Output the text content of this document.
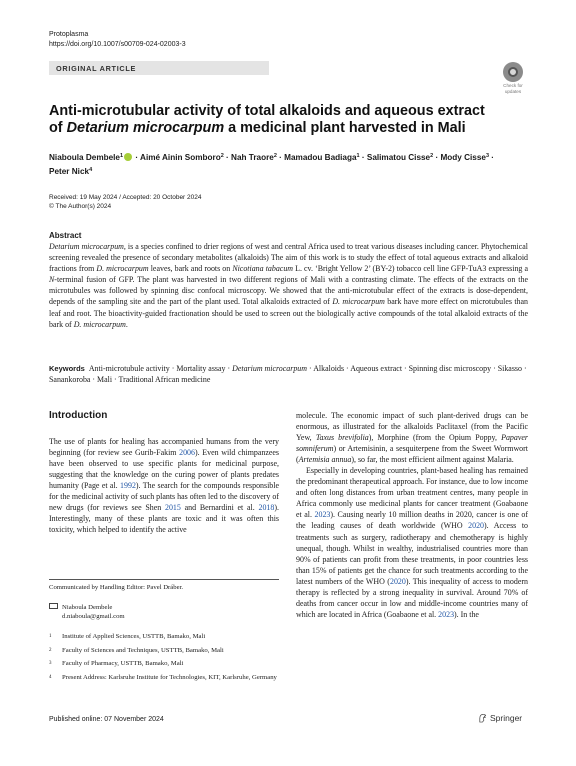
Protoplasma
https://doi.org/10.1007/s00709-024-02003-3
ORIGINAL ARTICLE
Check for
updates
Anti-microtubular activity of total alkaloids and aqueous extract
of Detarium microcarpum a medicinal plant harvested in Mali
Niaboula Dembele$^1$ · Aimé Ainin Somboro$^2$ · Nah Traore$^2$ · Mamadou Badiaga$^1$ · Salimatou Cisse$^2$ · Mody Cisse$^3$ ·
Peter Nick$^4$
Received: 19 May 2024 / Accepted: 20 October 2024
© The Author(s) 2024
Abstract
Detarium microcarpum, is a species confined to drier regions of west and central Africa used to treat various diseases including cancer. Phytochemical screening revealed the presence of secondary metabolites (alkaloids) The aim of this work is to study the effect of total aqueous extracts and alkaloid fractions from D. microcarpum leaves, bark and roots on Nicotiana tabacum L. cv. ‘Bright Yellow 2’ (BY-2) tobacco cell line GFP-TuA3 expressing a N-terminal fusion of GFP. The plant was harvested in two different regions of Mali with a contrasting climate. The effects of the extracts on the microtubules was followed by spinning disc confocal microscopy. We showed that the anti-microtubular effect of the extracts is dose-dependent, depends of the sampling site and the part of the plant used. Total alkaloids extracted of D. microcarpum bark have more effect on microtubules than leaf and root. The bioactivity-guided fractionation should be used to screen out the biologically active compounds of the total alkaloid extracts of the bark of D. microcarpum.
Keywords Anti-microtubule activity · Mortality assay · Detarium microcarpum · Alkaloids · Aqueous extract · Spinning disc microscopy · Sikasso · Sanankoroba · Mali · Traditional African medicine
Introduction

The use of plants for healing has accompanied humans from the very beginning (for review see Gurib-Fakim 2006). Even wild chimpanzees have been observed to use specific plants for medicinal purpose, suggesting that the knowledge on the curing power of plants predates humanity (Page et al. 1992). The search for the compounds responsible for the medicinal activity of such plants has often led to the discovery of new drugs (for reviews see Shen 2015 and Bernardini et al. 2018). Interestingly, many of these plants are toxic and it was often this toxicity, which helped to identify the active

molecule. The economic impact of such plant-derived drugs can be enormous, as illustrated for the alkaloids Paclitaxel (from the Pacific Yew, Taxus brevifolia), Morphine (from the Opium Poppy, Papaver somniferum) or Artemisinin, a sesquiterpene from the Sweet Wormwort (Artemisia annua), so far, the most efficient ailment against Malaria.

Especially in developing countries, plant-based healing has remained the predominant therapeutical approach. For instance, due to low income and often long distances from urban treatment centres, many people in Africa commonly use medicinal plants for cancer treatment (Goabaone et al. 2023). Causing nearly 10 million deaths in 2020, cancer is one of the leading causes of death worldwide (WHO 2020). Access to treatments such as surgery, radiotherapy and chemotherapy is highly unequal, though. Whilst in wealthy, industrialised countries more than 90% of patients can profit from these treatments, in poor countries less than 15% of patients get the chance for such treatments according to the latest numbers of the WHO (2020). This inequality of access to modern therapy is reflected by a strong inequality in survival. Around 70% of deaths from cancer occur in low and middle-income countries many of which are located in Africa (Goabaone et al. 2023). In the

Communicated by Handling Editor: Pavel Dráber.
Niaboula Dembele
d.niaboula@gmail.com
1	Institute of Applied Sciences, USTTB, Bamako, Mali
2	Faculty of Sciences and Techniques, USTTB, Bamako, Mali
3	Faculty of Pharmacy, USTTB, Bamako, Mali
4	Present Address: Karlsruhe Institute for Technologies, KIT, Karlsruhe, Germany
Published online: 07 November 2024	Springer
